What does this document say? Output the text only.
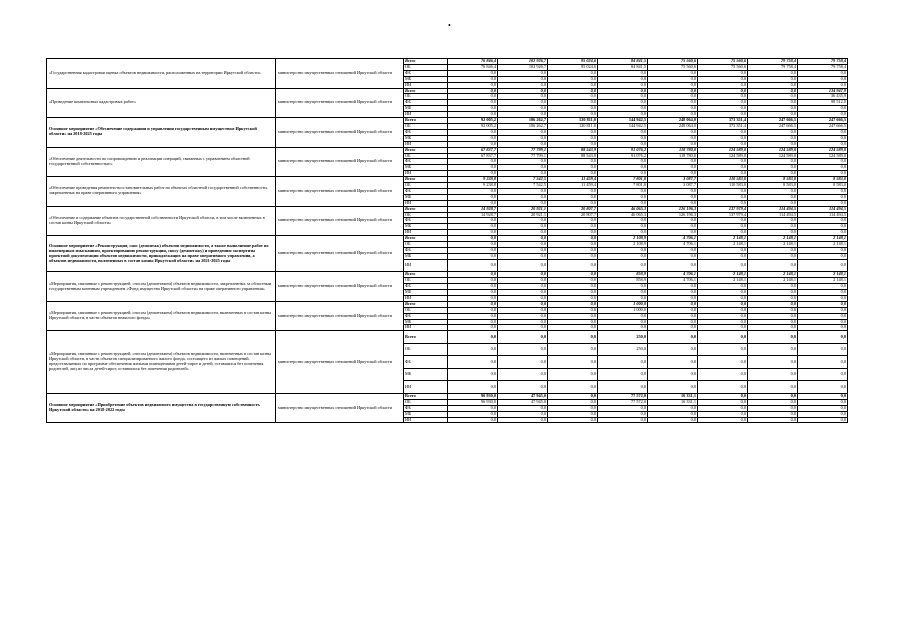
•
«Государственная кадастровая оценка объектов недвижимости, расположенных на территории Иркутской области»	министерство имущественных отношений Иркутской области	Всего	76 846,4	102 926,7	95 024,6	84 841,5	75 560,6	75 560,6	79 758,4	79 758,4
		ОБ	76 846,4	102 926,7	95 024,6	84 841,5	75 560,6	75 560,6	79 758,4	79 758,4
		ФБ	0,0	0,0	0,0	0,0	0,0	0,0	0,0	0,0
		МБ	0,0	0,0	0,0	0,0	0,0	0,0	0,0	0,0
		ИИ	0,0	0,0	0,0	0,0	0,0	0,0	0,0	0,0
«Проведение комплексных кадастровых работ»	министерство имущественных отношений Иркутской области	Всего	0,0	0,0	0,0	0,0	0,0	0,0	0,0	134 947,9
		ОБ	0,0	0,0	0,0	0,0	0,0	0,0	0,0	36 435,9
		ФБ	0,0	0,0	0,0	0,0	0,0	0,0	0,0	98 512,0
		МБ	0,0	0,0	0,0	0,0	0,0	0,0	0,0	0,0
		ИИ	0,0	0,0	0,0	0,0	0,0	0,0	0,0	0,0
Основное мероприятие «Обеспечение содержания и управления государственным имуществом Иркутской области» на 2018-2025 годы	министерство имущественных отношений Иркутской области	Всего	92 005,2	106 262,7	120 811,0	144 942,5	248 064,0	373 351,4	247 666,5	247 666,5
		ОБ	92 005,2	106 262,7	120 811,0	144 942,5	248 064,0	373 351,4	247 666,5	247 666,5
		ФБ	0,0	0,0	0,0	0,0	0,0	0,0	0,0	0,0
		МБ	0,0	0,0	0,0	0,0	0,0	0,0	0,0	0,0
		ИИ	0,0	0,0	0,0	0,0	0,0	0,0	0,0	0,0
«Обеспечение деятельности по сопровождению и реализации операций, связанных с управлением областной государственной собственностью»	министерство имущественных отношений Иркутской области	Всего	67 837,7	77 799,1	88 543,9	91 076,2	118 780,0	124 589,0	124 589,0	124 589,0
		ОБ	67 837,7	77 799,1	88 543,9	91 076,2	118 780,0	124 589,0	124 589,0	124 589,0
		ФБ	0,0	0,0	0,0	0,0	0,0	0,0	0,0	0,0
		МБ	0,0	0,0	0,0	0,0	0,0	0,0	0,0	0,0
		ИИ	0,0	0,0	0,0	0,0	0,0	0,0	0,0	0,0
«Обеспечение проведения ремонтно-восстановительных работ на объектах областной государственной собственности, закрепленных на праве оперативного управления»	министерство имущественных отношений Иркутской области	Всего	9 238,8	7 542,5	11 459,4	7 801,0	3 087,7	110 583,0	8 583,0	8 583,0
		ОБ	9 238,8	7 542,5	11 459,4	7 801,0	3 087,7	110 583,0	8 583,0	8 583,0
		ФБ	0,0	0,0	0,0	0,0	0,0	0,0	0,0	0,0
		МБ	0,0	0,0	0,0	0,0	0,0	0,0	0,0	0,0
		ИИ	0,0	0,0	0,0	0,0	0,0	0,0	0,0	0,0
«Обеспечение и содержание объектов государственной собственности Иркутской области, в том числе включенных в состав казны Иркутской области»	министерство имущественных отношений Иркутской области	Всего	14 928,7	20 921,1	20 807,7	46 065,3	126 196,3	137 979,4	114 494,5	114 494,5
		ОБ	14 928,7	20 921,1	20 807,7	46 065,3	126 196,3	137 979,4	114 494,5	114 494,5
		ФБ	0,0	0,0	0,0	0,0	0,0	0,0	0,0	0,0
		МБ	0,0	0,0	0,0	0,0	0,0	0,0	0,0	0,0
		ИИ	0,0	0,0	0,0	0,0	0,0	0,0	0,0	0,0
Основное мероприятие «Реконструкция, снос (демонтаж) объектов недвижимости, а также выполнение работ по инженерным изысканиям, проектированию реконструкции, сносу (демонтажу) и проведению экспертизы проектной документации объектов недвижимости, принадлежащих на праве оперативного управления, а объектов недвижимости, включенных в состав казны Иркутской области» на 2021-2025 годы	министерство имущественных отношений Иркутской области	Всего	0,0	0,0	0,0	2 108,9	4 706,1	2 148,1	2 148,1	2 148,1
		ОБ	0,0	0,0	0,0	2 108,9	4 706,1	2 148,1	2 148,1	2 148,1
		ФБ	0,0	0,0	0,0	0,0	0,0	0,0	0,0	0,0
		МБ	0,0	0,0	0,0	0,0	0,0	0,0	0,0	0,0
		ИИ	0,0	0,0	0,0	0,0	0,0	0,0	0,0	0,0
«Мероприятия, связанные с реконструкцией, сносом (демонтажем) объектов недвижимости, закрепленных за областным государственным казенным учреждением «Фонд имущества Иркутской области» на праве оперативного управления»	министерство имущественных отношений Иркутской области	Всего	0,0	0,0	0,0	858,9	4 706,1	2 148,1	2 148,1	2 148,1
		ОБ	0,0	0,0	0,0	858,9	4 706,1	2 148,1	2 148,1	2 148,1
		ФБ	0,0	0,0	0,0	0,0	0,0	0,0	0,0	0,0
		МБ	0,0	0,0	0,0	0,0	0,0	0,0	0,0	0,0
		ИИ	0,0	0,0	0,0	0,0	0,0	0,0	0,0	0,0
«Мероприятия, связанные с реконструкцией, сносом (демонтажем) объектов недвижимости, включенных в состав казны Иркутской области, в части объектов нежилого фонда»	министерство имущественных отношений Иркутской области	Всего	0,0	0,0	0,0	1 000,0	0,0	0,0	0,0	0,0
		ОБ	0,0	0,0	0,0	1 000,0	0,0	0,0	0,0	0,0
		ФБ	0,0	0,0	0,0	0,0	0,0	0,0	0,0	0,0
		МБ	0,0	0,0	0,0	0,0	0,0	0,0	0,0	0,0
		ИИ	0,0	0,0	0,0	0,0	0,0	0,0	0,0	0,0
«Мероприятия, связанные с реконструкцией, сносом (демонтажем) объектов недвижимости, включенных в состав казны Иркутской области, в части объектов специализированного жилого фонда, состоящего из жилых помещений, предоставляемых по программе обеспечения жилыми помещениями детей-сирот и детей, оставшихся без попечения родителей, лиц из числа детей-сирот, оставшихся без попечения родителей»	министерство имущественных отношений Иркутской области	Всего	0,0	0,0	0,0	250,0	0,0	0,0	0,0	0,0
		ОБ	0,0	0,0	0,0	250,0	0,0	0,0	0,0	0,0
		ФБ	0,0	0,0	0,0	0,0	0,0	0,0	0,0	0,0
		МБ	0,0	0,0	0,0	0,0	0,0	0,0	0,0	0,0
		ИИ	0,0	0,0	0,0	0,0	0,0	0,0	0,0	0,0
Основное мероприятие «Приобретение объектов недвижимого имущества в государственную собственность Иркутской области» на 2018-2022 годы	министерство имущественных отношений Иркутской области	Всего	96 930,0	47 945,0	0,0	77 572,0	16 331,1	0,0	0,0	0,0
		ОБ	96 930,0	47 945,0	0,0	77 572,0	16 331,1	0,0	0,0	0,0
		ФБ	0,0	0,0	0,0	0,0	0,0	0,0	0,0	0,0
		МБ	0,0	0,0	0,0	0,0	0,0	0,0	0,0	0,0
		ИИ	0,0	0,0	0,0	0,0	0,0	0,0	0,0	0,0
